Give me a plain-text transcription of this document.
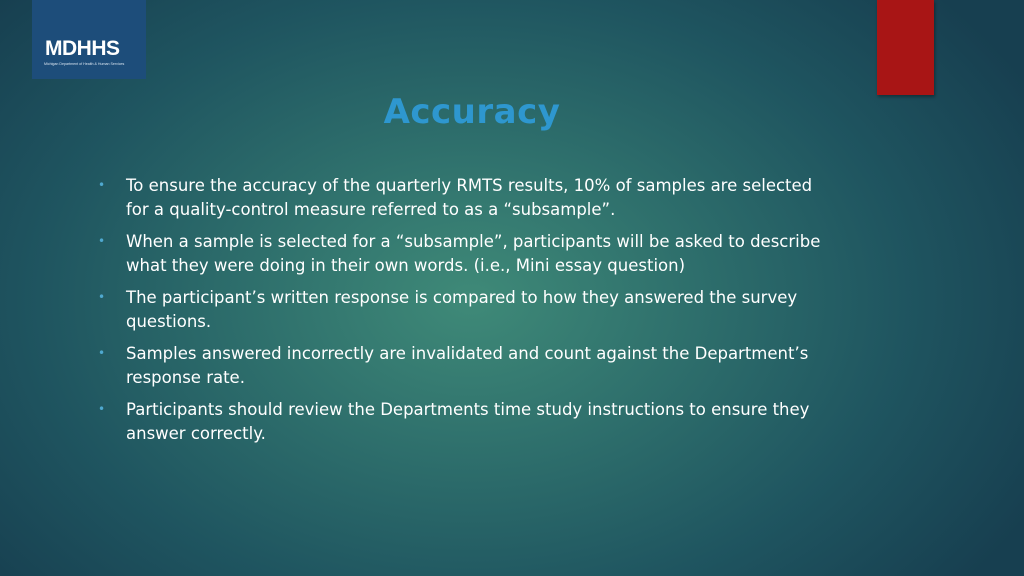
MDHHS
Michigan Department of Health & Human Services
Accuracy
• To ensure the accuracy of the quarterly RMTS results, 10% of samples are selected for a quality-control measure referred to as a “subsample”.
• When a sample is selected for a “subsample”, participants will be asked to describe what they were doing in their own words. (i.e., Mini essay question)
• The participant’s written response is compared to how they answered the survey questions.
• Samples answered incorrectly are invalidated and count against the Department’s response rate.
• Participants should review the Departments time study instructions to ensure they answer correctly.
